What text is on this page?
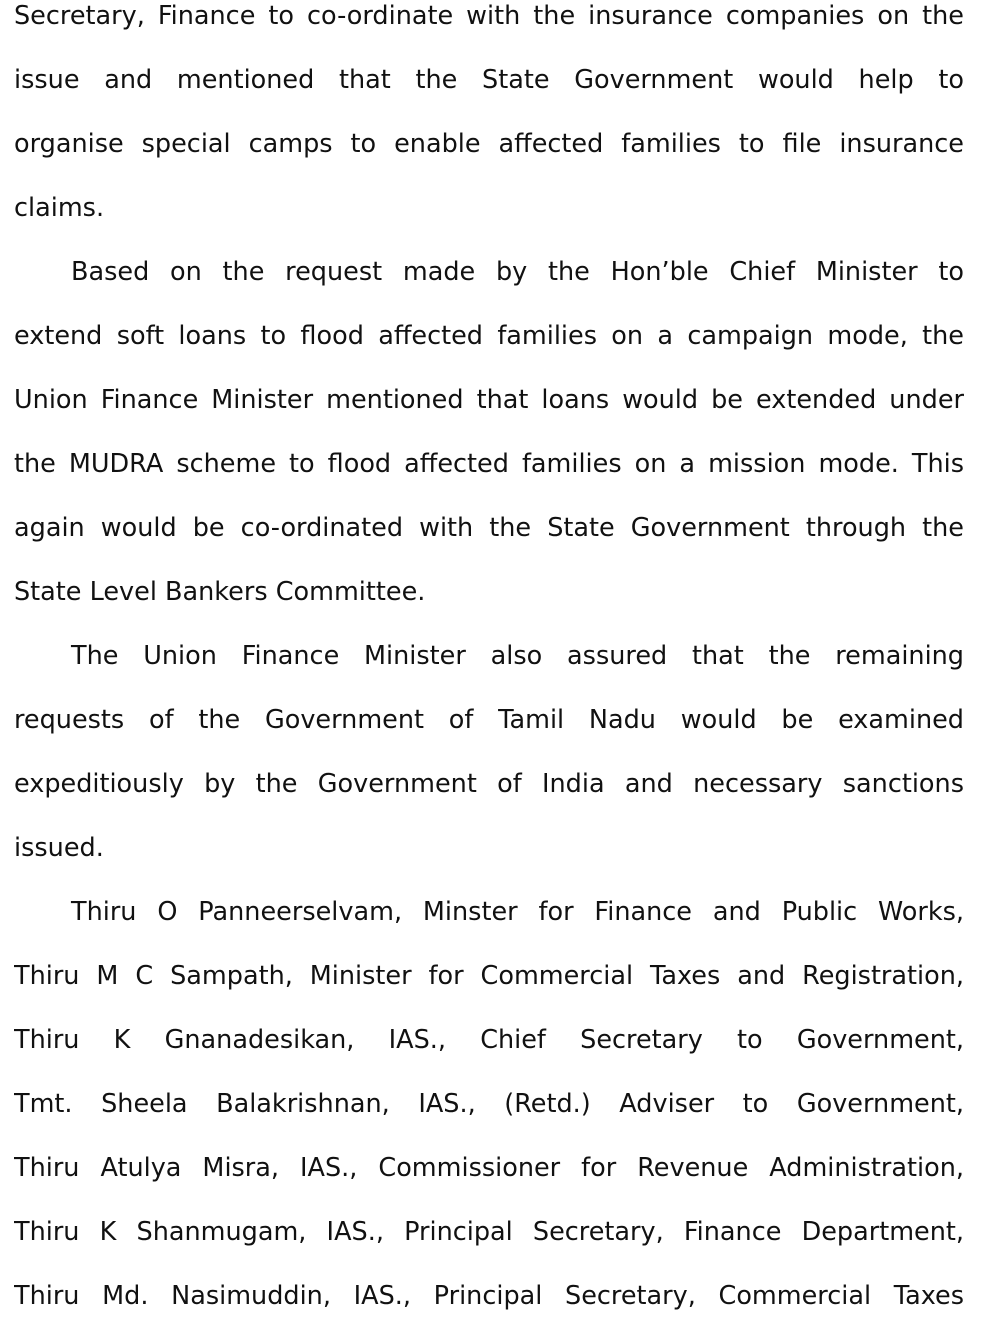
Secretary, Finance to co-ordinate with the insurance companies on the
issue and mentioned that the State Government would help to
organise special camps to enable affected families to file insurance
claims.
Based on the request made by the Hon’ble Chief Minister to
extend soft loans to flood affected families on a campaign mode, the
Union Finance Minister mentioned that loans would be extended under
the MUDRA scheme to flood affected families on a mission mode. This
again would be co-ordinated with the State Government through the
State Level Bankers Committee.
The Union Finance Minister also assured that the remaining
requests of the Government of Tamil Nadu would be examined
expeditiously by the Government of India and necessary sanctions
issued.
Thiru O Panneerselvam, Minster for Finance and Public Works,
Thiru M C Sampath, Minister for Commercial Taxes and Registration,
Thiru K Gnanadesikan, IAS., Chief Secretary to Government,
Tmt. Sheela Balakrishnan, IAS., (Retd.) Adviser to Government,
Thiru Atulya Misra, IAS., Commissioner for Revenue Administration,
Thiru K Shanmugam, IAS., Principal Secretary, Finance Department,
Thiru Md. Nasimuddin, IAS., Principal Secretary, Commercial Taxes
